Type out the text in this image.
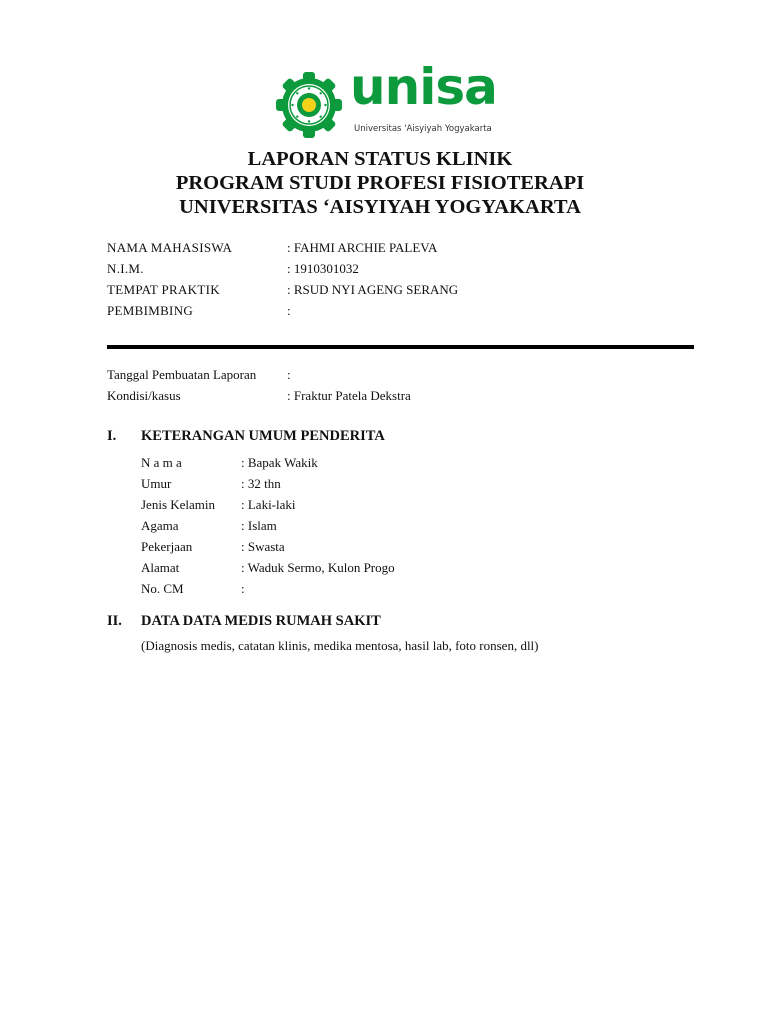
unisa
Universitas 'Aisyiyah Yogyakarta
LAPORAN STATUS KLINIK
PROGRAM STUDI PROFESI FISIOTERAPI
UNIVERSITAS ‘AISYIYAH YOGYAKARTA
NAMA MAHASISWA	: FAHMI ARCHIE PALEVA
N.I.M.	: 1910301032
TEMPAT PRAKTIK	: RSUD NYI AGENG SERANG
PEMBIMBING	:
Tanggal Pembuatan Laporan	:
Kondisi/kasus	: Fraktur Patela Dekstra
I.	KETERANGAN UMUM PENDERITA
N a m a	: Bapak Wakik
Umur	: 32 thn
Jenis Kelamin	: Laki-laki
Agama	: Islam
Pekerjaan	: Swasta
Alamat	: Waduk Sermo, Kulon Progo
No. CM	:
II.	DATA DATA MEDIS RUMAH SAKIT
(Diagnosis medis, catatan klinis, medika mentosa, hasil lab, foto ronsen, dll)
